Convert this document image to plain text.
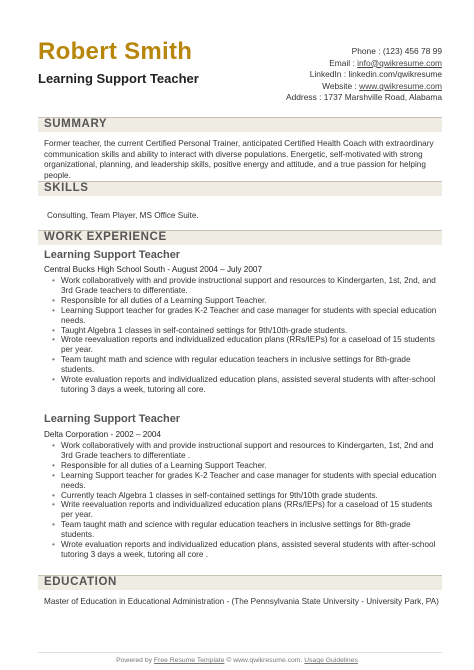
Robert Smith
Learning Support Teacher
Phone : (123) 456 78 99
Email : info@qwikresume.com
LinkedIn : linkedin.com/qwikresume
Website : www.qwikresume.com
Address : 1737 Marshville Road, Alabama
SUMMARY
Former teacher, the current Certified Personal Trainer, anticipated Certified Health Coach with extraordinary communication skills and ability to interact with diverse populations. Energetic, self-motivated with strong organizational, planning, and leadership skills, positive energy and attitude, and a true passion for helping people.
SKILLS
Consulting, Team Player, MS Office Suite.
WORK EXPERIENCE
Learning Support Teacher
Central Bucks High School South - August 2004 – July 2007
• Work collaboratively with and provide instructional support and resources to Kindergarten, 1st, 2nd, and 3rd Grade teachers to differentiate.
• Responsible for all duties of a Learning Support Teacher.
• Learning Support teacher for grades K-2 Teacher and case manager for students with special education needs.
• Taught Algebra 1 classes in self-contained settings for 9th/10th-grade students.
• Wrote reevaluation reports and individualized education plans (RRs/IEPs) for a caseload of 15 students per year.
• Team taught math and science with regular education teachers in inclusive settings for 8th-grade students.
• Wrote evaluation reports and individualized education plans, assisted several students with after-school tutoring 3 days a week, tutoring all core.
Learning Support Teacher
Delta Corporation - 2002 – 2004
• Work collaboratively with and provide instructional support and resources to Kindergarten, 1st, 2nd and 3rd Grade teachers to differentiate .
• Responsible for all duties of a Learning Support Teacher.
• Learning Support teacher for grades K-2 Teacher and case manager for students with special education needs.
• Currently teach Algebra 1 classes in self-contained settings for 9th/10th grade students.
• Write reevaluation reports and individualized education plans (RRs/IEPs) for a caseload of 15 students per year.
• Team taught math and science with regular education teachers in inclusive settings for 8th-grade students.
• Wrote evaluation reports and individualized education plans, assisted several students with after-school tutoring 3 days a week, tutoring all core .
EDUCATION
Master of Education in Educational Administration - (The Pennsylvania State University - University Park, PA)
Powered by Free Resume Template © www.qwikresume.com. Usage Guidelines
